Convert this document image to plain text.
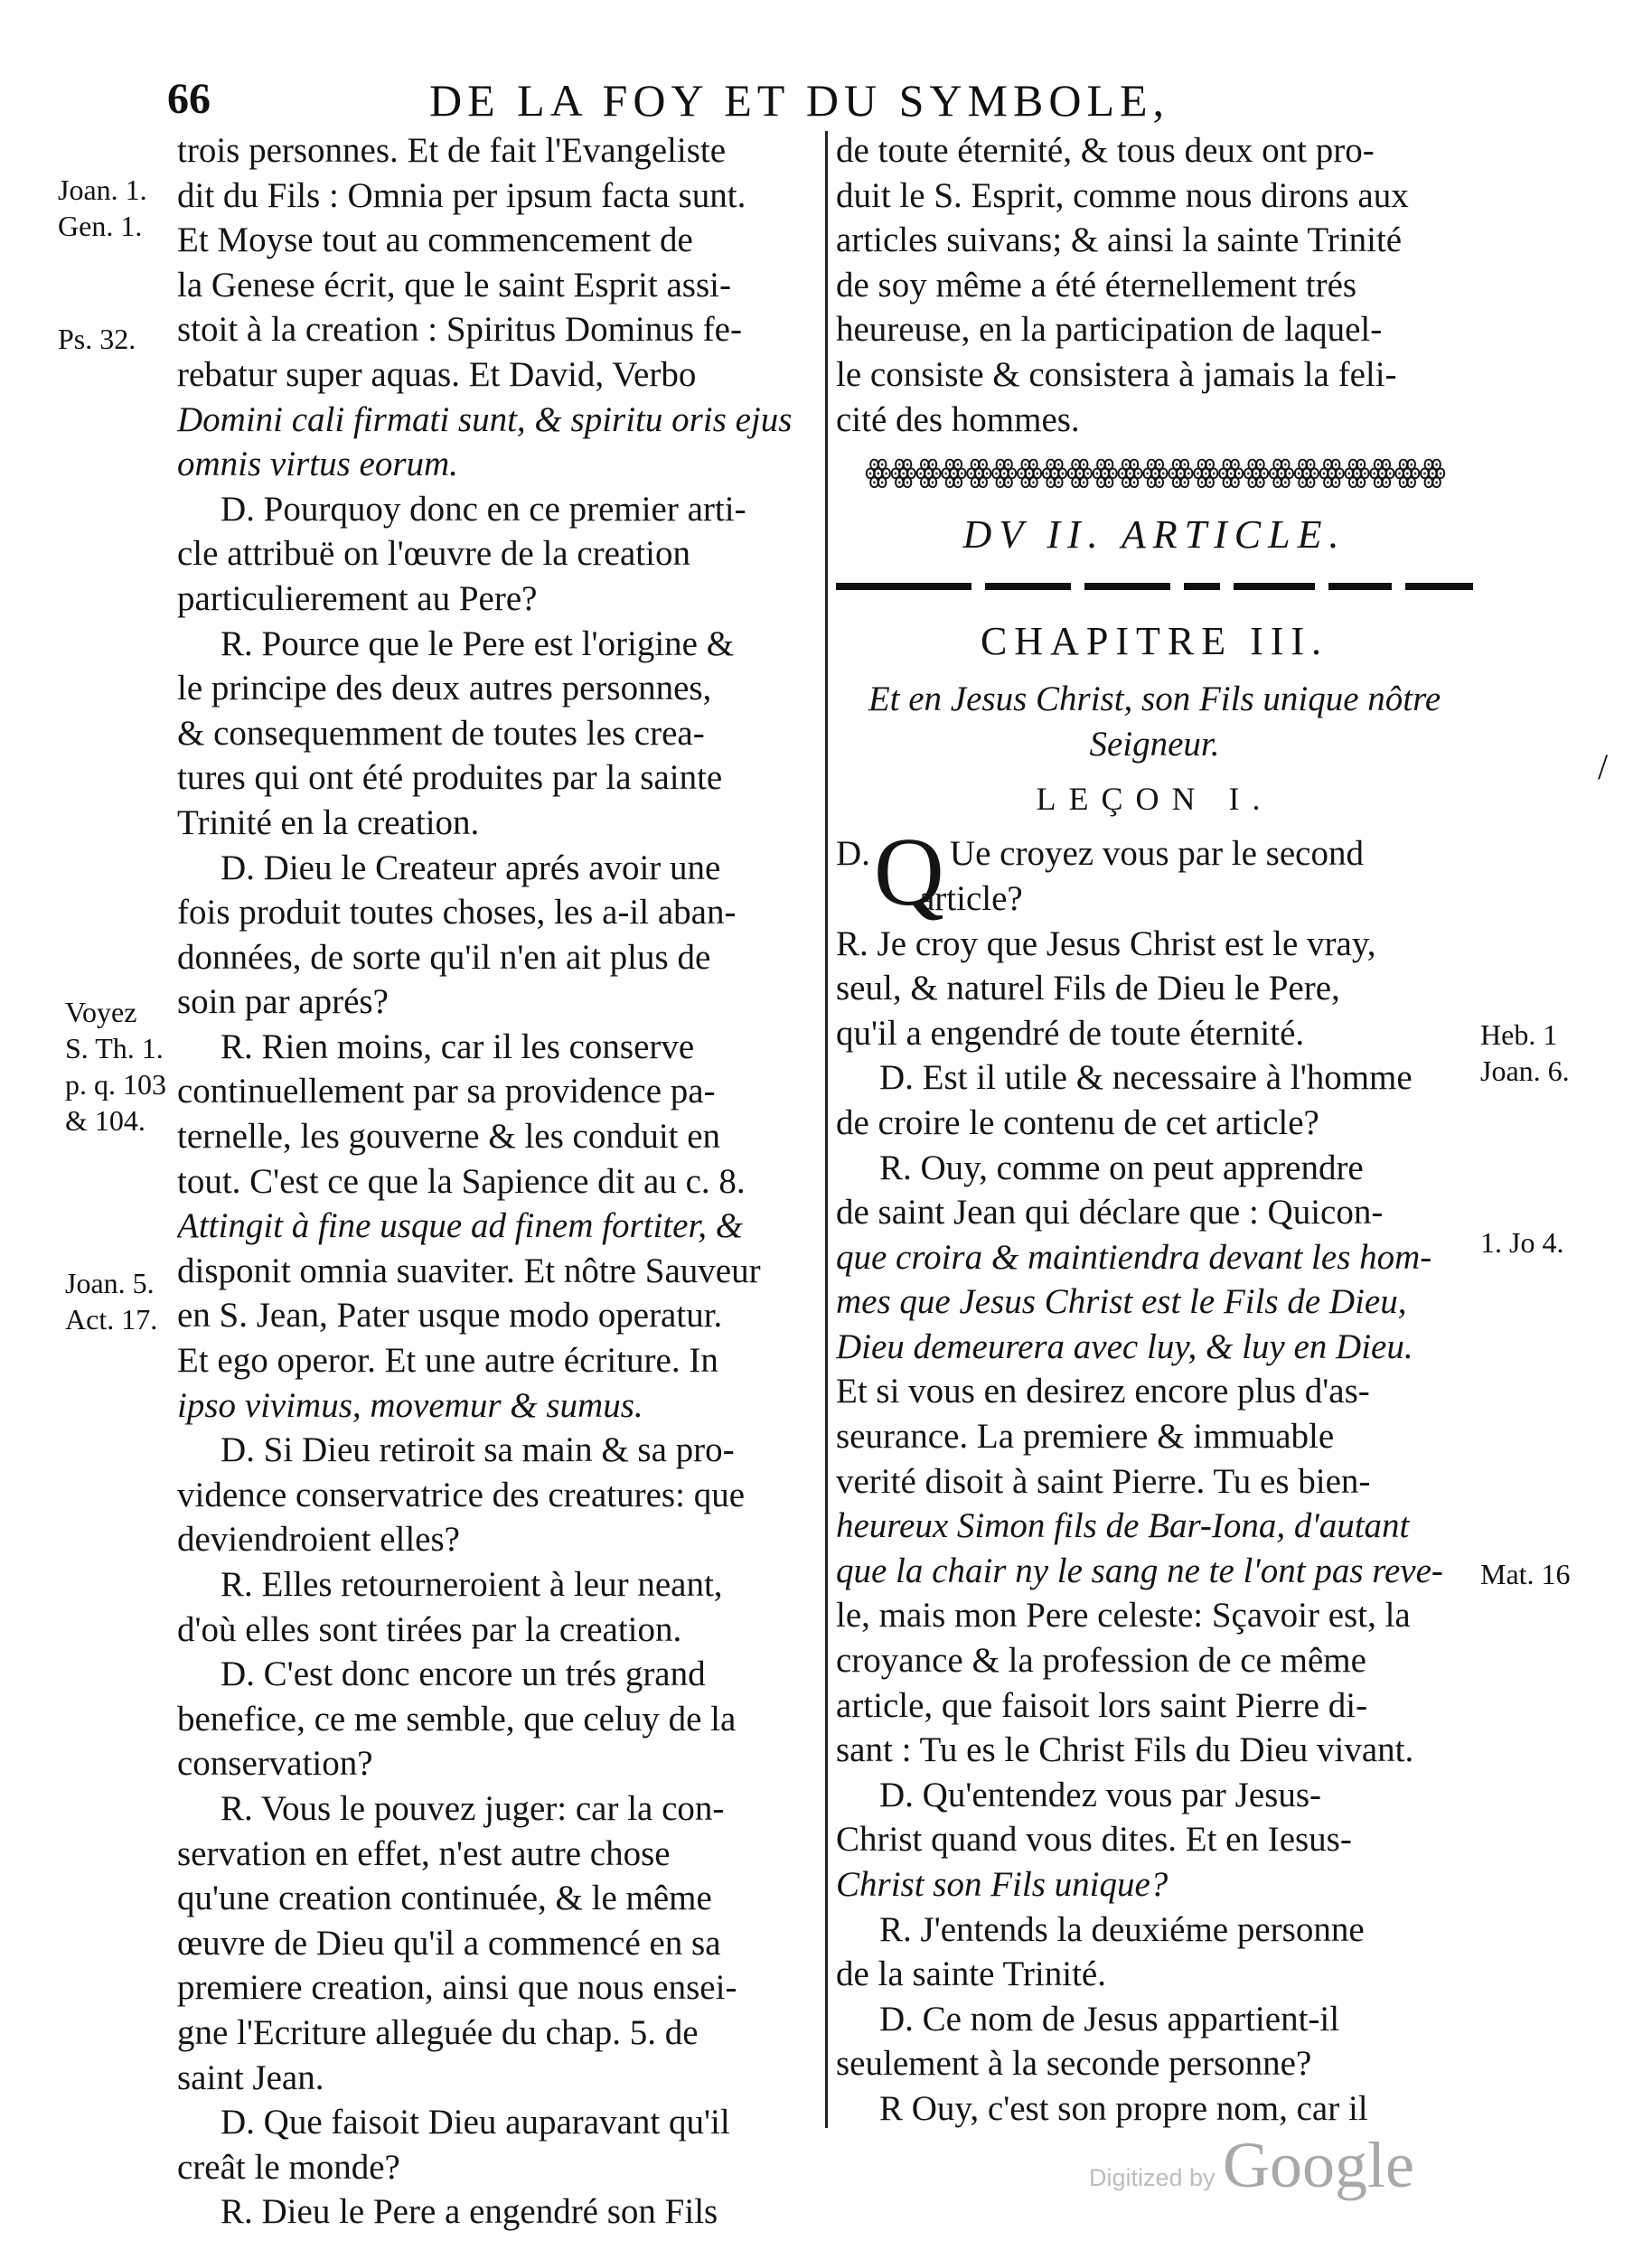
66	DE LA FOY ET DU SYMBOLE,
trois personnes. Et de fait l'Evangeliste
dit du Fils : Omnia per ipsum facta sunt.
Et Moyse tout au commencement de
la Genese écrit, que le saint Esprit assi-
stoit à la creation : Spiritus Dominus fe-
rebatur super aquas. Et David, Verbo
Domini cali firmati sunt, & spiritu oris ejus
omnis virtus eorum.
D. Pourquoy donc en ce premier arti-
cle attribuë on l'œuvre de la creation
particulierement au Pere?
R. Pource que le Pere est l'origine &
le principe des deux autres personnes,
& consequemment de toutes les crea-
tures qui ont été produites par la sainte
Trinité en la creation.
D. Dieu le Createur aprés avoir une
fois produit toutes choses, les a-il aban-
données, de sorte qu'il n'en ait plus de
soin par aprés?
R. Rien moins, car il les conserve
continuellement par sa providence pa-
ternelle, les gouverne & les conduit en
tout. C'est ce que la Sapience dit au c. 8.
Attingit à fine usque ad finem fortiter, &
disponit omnia suaviter. Et nôtre Sauveur
en S. Jean, Pater usque modo operatur.
Et ego operor. Et une autre écriture. In
ipso vivimus, movemur & sumus.
D. Si Dieu retiroit sa main & sa pro-
vidence conservatrice des creatures: que
deviendroient elles?
R. Elles retourneroient à leur neant,
d'où elles sont tirées par la creation.
D. C'est donc encore un trés grand
benefice, ce me semble, que celuy de la
conservation?
R. Vous le pouvez juger: car la con-
servation en effet, n'est autre chose
qu'une creation continuée, & le même
œuvre de Dieu qu'il a commencé en sa
premiere creation, ainsi que nous ensei-
gne l'Ecriture alleguée du chap. 5. de
saint Jean.
D. Que faisoit Dieu auparavant qu'il
creât le monde?
R. Dieu le Pere a engendré son Fils
de toute éternité, & tous deux ont pro-
duit le S. Esprit, comme nous dirons aux
articles suivans; & ainsi la sainte Trinité
de soy même a été éternellement trés
heureuse, en la participation de laquel-
le consiste & consistera à jamais la feli-
cité des hommes.
ꙮꙮꙮꙮꙮꙮꙮꙮꙮꙮꙮꙮꙮꙮꙮꙮꙮꙮꙮꙮꙮꙮꙮ
DV II. ARTICLE.
CHAPITRE III.
Et en Jesus Christ, son Fils unique nôtre
Seigneur.
LEÇON I.
D.Q Ue croyez vous par le second
article?
R. Je croy que Jesus Christ est le vray,
seul, & naturel Fils de Dieu le Pere,
qu'il a engendré de toute éternité.
D. Est il utile & necessaire à l'homme
de croire le contenu de cet article?
R. Ouy, comme on peut apprendre
de saint Jean qui déclare que : Quicon-
que croira & maintiendra devant les hom-
mes que Jesus Christ est le Fils de Dieu,
Dieu demeurera avec luy, & luy en Dieu.
Et si vous en desirez encore plus d'as-
seurance. La premiere & immuable
verité disoit à saint Pierre. Tu es bien-
heureux Simon fils de Bar-Iona, d'autant
que la chair ny le sang ne te l'ont pas reve-
le, mais mon Pere celeste: Sçavoir est, la
croyance & la profession de ce même
article, que faisoit lors saint Pierre di-
sant : Tu es le Christ Fils du Dieu vivant.
D. Qu'entendez vous par Jesus-
Christ quand vous dites. Et en Iesus-
Christ son Fils unique?
R. J'entends la deuxiéme personne
de la sainte Trinité.
D. Ce nom de Jesus appartient-il
seulement à la seconde personne?
R Ouy, c'est son propre nom, car il
Joan. 1.
Gen. 1.
Ps. 32.
Voyez
S. Th. 1.
p. q. 103
& 104.
Joan. 5.
Act. 17.
Heb. 1
Joan. 6.
1. Jo 4.
Mat. 16
/
Digitized by Google
